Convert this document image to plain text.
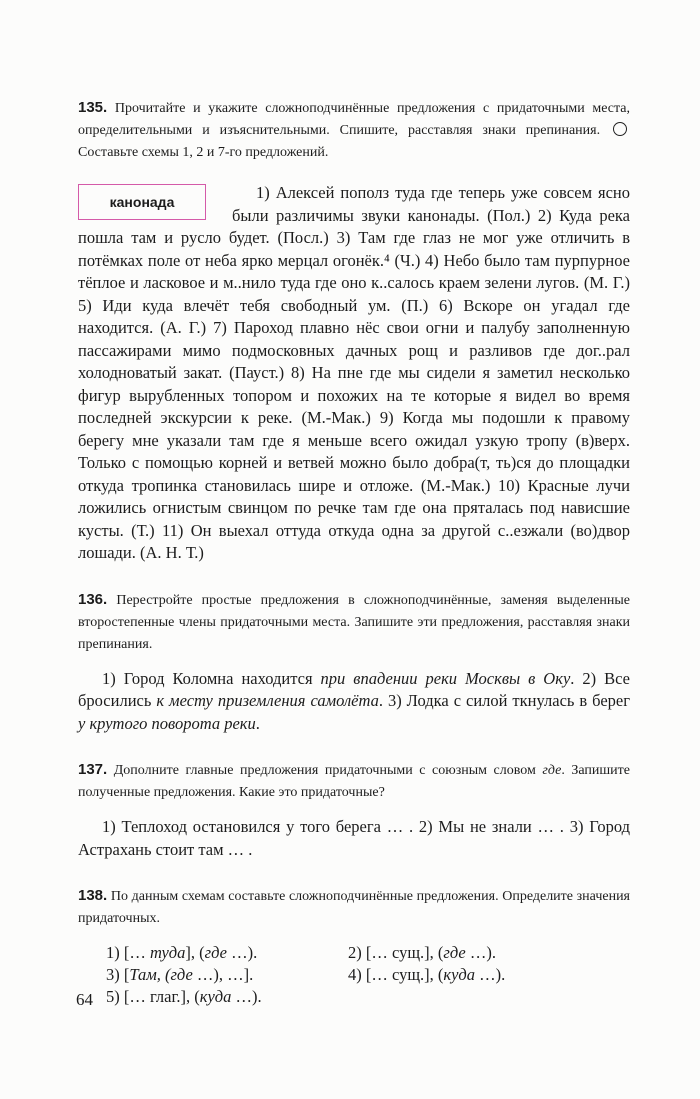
135. Прочитайте и укажите сложноподчинённые предложения с придаточными места, определительными и изъяснительными. Спишите, расставляя знаки препинания.  Составьте схемы 1, 2 и 7-го предложений.

канонада	1) Алексей пополз туда где теперь уже совсем ясно были различимы звуки канонады. (Пол.) 2) Куда река пошла там и русло будет. (Посл.) 3) Там где глаз не мог уже отличить в потёмках поле от неба ярко мерцал огонёк.⁴ (Ч.) 4) Небо было там пурпурное тёплое и ласковое и м..нило туда где оно к..салось краем зелени лугов. (М. Г.) 5) Иди куда влечёт тебя свободный ум. (П.) 6) Вскоре он угадал где находится. (А. Г.) 7) Пароход плавно нёс свои огни и палубу заполненную пассажирами мимо подмосковных дачных рощ и разливов где дог..рал холодноватый закат. (Пауст.) 8) На пне где мы сидели я заметил несколько фигур вырубленных топором и похожих на те которые я видел во время последней экскурсии к реке. (М.-Мак.) 9) Когда мы подошли к правому берегу мне указали там где я меньше всего ожидал узкую тропу (в)верх. Только с помощью корней и ветвей можно было добра(т, ть)ся до площадки откуда тропинка становилась шире и отложе. (М.-Мак.) 10) Красные лучи ложились огнистым свинцом по речке там где она пряталась под нависшие кусты. (Т.) 11) Он выехал оттуда откуда одна за другой с..езжали (во)двор лошади. (А. Н. Т.)

136. Перестройте простые предложения в сложноподчинённые, заменяя выделенные второстепенные члены придаточными места. Запишите эти предложения, расставляя знаки препинания.

1) Город Коломна находится при впадении реки Москвы в Оку. 2) Все бросились к месту приземления самолёта. 3) Лодка с силой ткнулась в берег у крутого поворота реки.

137. Дополните главные предложения придаточными с союзным словом где. Запишите полученные предложения. Какие это придаточные?

1) Теплоход остановился у того берега … . 2) Мы не знали … . 3) Город Астрахань стоит там … .

138. По данным схемам составьте сложноподчинённые предложения. Определите значения придаточных.

1) [… туда], (где …).	2) [… сущ.], (где …).
3) [Там, (где …), …].	4) [… сущ.], (куда …).
5) [… глаг.], (куда …).
64
